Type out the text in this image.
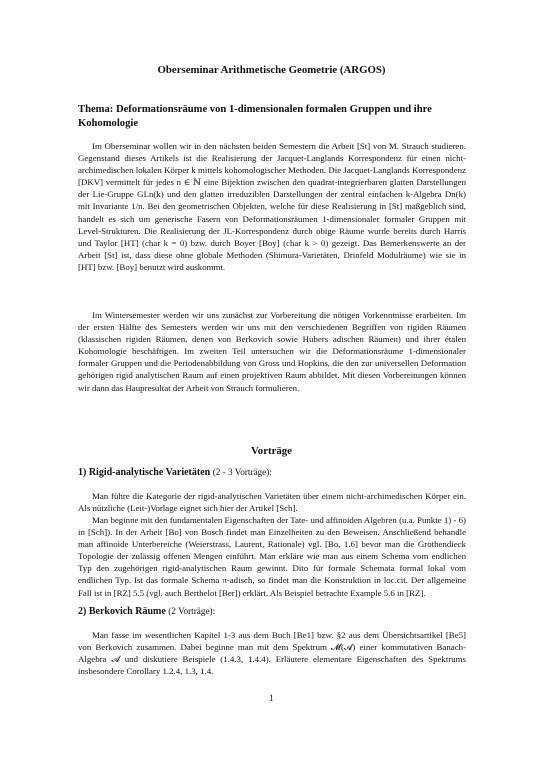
Oberseminar Arithmetische Geometrie (ARGOS)
Thema: Deformationsräume von 1-dimensionalen formalen Gruppen und ihre Kohomologie

Im Oberseminar wollen wir in den nächsten beiden Semestern die Arbeit [St] von M. Strauch studieren. Gegenstand dieses Artikels ist die Realisierung der Jacquet-Langlands Korrespondenz für einen nicht-archimedischen lokalen Körper k mittels kohomologischer Methoden. Die Jacquet-Langlands Korrespondenz [DKV] vermittelt für jedes n ∈ ℕ eine Bijektion zwischen den quadrat-integrierbaren glatten Darstellungen der Lie-Gruppe GLn(k) und den glatten irreduziblen Darstellungen der zentral einfachen k-Algebra Dn(k) mit Invariante 1/n. Bei den geometrischen Objekten, welche für diese Realisierung in [St] maßgeblich sind, handelt es sich um generische Fasern von Deformationsräumen 1-dimensionaler formaler Gruppen mit Level-Strukturen. Die Realisierung der JL-Korrespondenz durch obige Räume wurde bereits durch Harris und Taylor [HT] (char k = 0) bzw. durch Boyer [Boy] (char k > 0) gezeigt. Das Bemerkenswerte an der Arbeit [St] ist, dass diese ohne globale Methoden (Shimura-Varietäten, Drinfeld Modulräume) wie sie in [HT] bzw. [Boy] benutzt wird auskommt.

Im Wintersemester werden wir uns zunächst zur Vorbereitung die nötigen Vorkenntnisse erarbeiten. Im der ersten Hälfte des Semesters werden wir uns mit den verschiedenen Begriffen von rigiden Räumen (klassischen rigiden Räumen, denen von Berkovich sowie Hubers adischen Räumen) und ihrer étalen Kohomologie beschäftigen. Im zweiten Teil untersuchen wir die Deformationsräume 1-dimensionaler formaler Gruppen und die Periodenabbildung von Gross und Hopkins, die den zur universellen Deformation gehörigen rigid analytischen Raum auf einen projektiven Raum abbildet. Mit diesen Vorbereitungen können wir dann das Haupresultat der Arbeit von Strauch formulieren.

Vorträge
1) Rigid-analytische Varietäten (2 - 3 Vorträge):

Man führe die Kategorie der rigid-analytischen Varietäten über einem nicht-archimedischen Körper ein. Als nützliche (Leit-)Vorlage eignet sich hier der Artikel [Sch].

Man beginne mit den fundamentalen Eigenschaften der Tate- und affinoiden Algebren (u.a. Punkte 1) - 6) in [Sch]). In der Arbeit [Bo] von Bosch findet man Einzelheiten zu den Beweisen. Anschließend behandle man affinoide Unterbereiche (Weierstrass, Laurent, Rationale) vgl. [Bo, 1.6] bevor man die Grothendieck Topologie der zulässig offenen Mengen einführt. Man erkläre wie man aus einem Schema vom endlichen Typ den zugehörigen rigid-analytischen Raum gewinnt. Dito für formale Schemata formal lokal vom endlichen Typ. Ist das formale Schema π-adisch, so findet man die Konstruktion in loc.cit. Der allgemeine Fall ist in [RZ] 5.5 (vgl. auch Berthelot [Ber]) erklärt. Als Beispiel betrachte Example 5.6 in [RZ].

2) Berkovich Räume (2 Vorträge):

Man fasse im wesentlichen Kapitel 1-3 aus dem Buch [Be1] bzw. §2 aus dem Übersichtsartikel [Be5] von Berkovich zusammen. Dabei beginne man mit dem Spektrum 𝓜(𝓐) einer kommutativen Banach-Algebra 𝓐 und diskutiere Beispiele (1.4.3, 1.4.4). Erläutere elementare Eigenschaften des Spektrums insbesondere Corollary 1.2.4, 1.3, 1.4.

1
